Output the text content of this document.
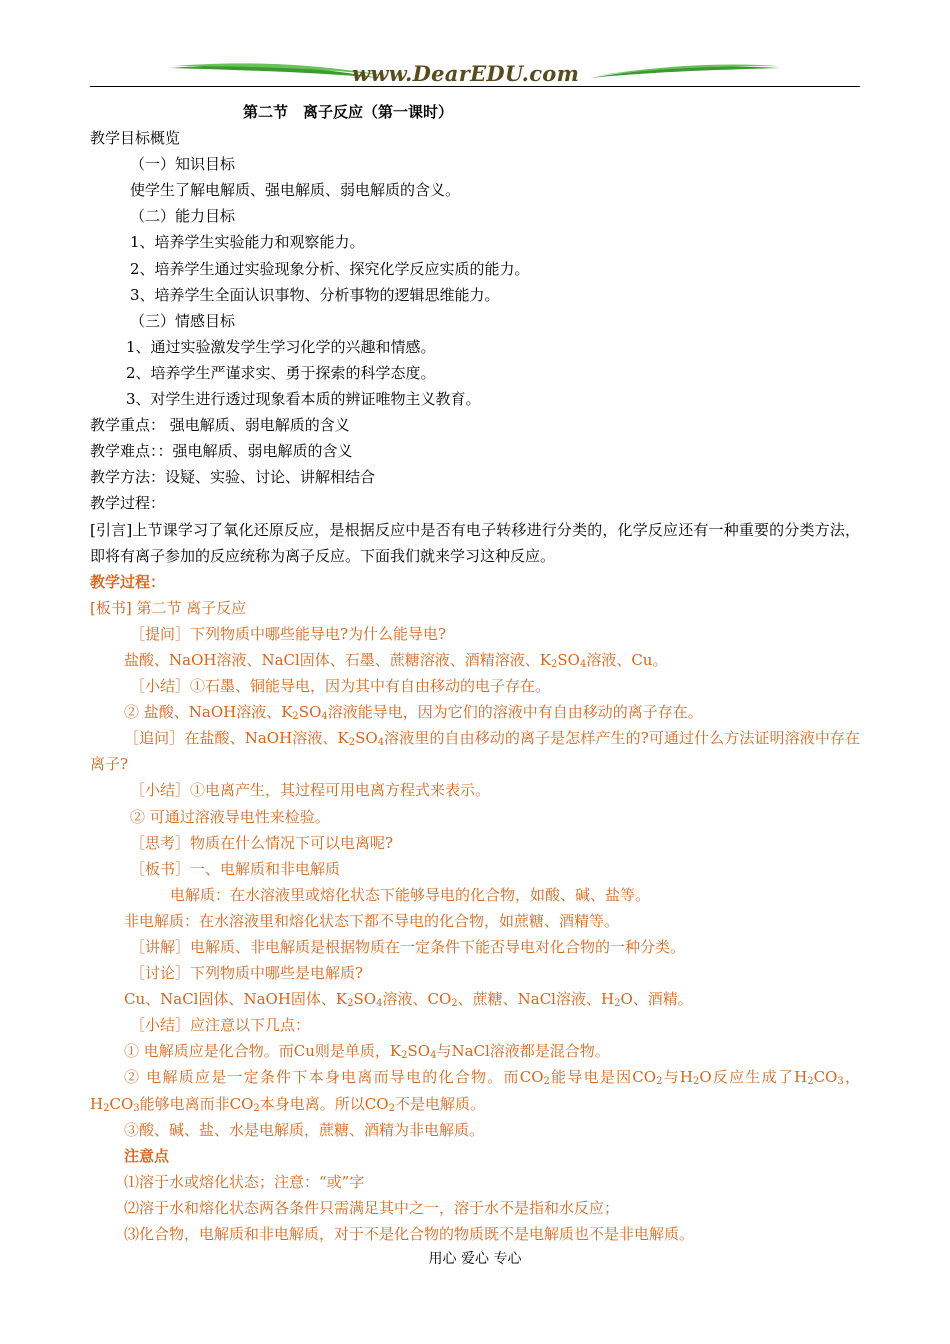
www.DearEDU.com
第二节　离子反应（第一课时）
教学目标概览
（一）知识目标
使学生了解电解质、强电解质、弱电解质的含义。
（二）能力目标
1、培养学生实验能力和观察能力。
2、培养学生通过实验现象分析、探究化学反应实质的能力。
3、培养学生全面认识事物、分析事物的逻辑思维能力。
（三）情感目标
1、通过实验激发学生学习化学的兴趣和情感。
2、培养学生严谨求实、勇于探索的科学态度。
3、对学生进行透过现象看本质的辨证唯物主义教育。
教学重点： 强电解质、弱电解质的含义
教学难点：：强电解质、弱电解质的含义
教学方法：设疑、实验、讨论、讲解相结合
教学过程：
[引言]上节课学习了氧化还原反应，是根据反应中是否有电子转移进行分类的，化学反应还有一种重要的分类方法，即将有离子参加的反应统称为离子反应。下面我们就来学习这种反应。
教学过程：
[板书] 第二节 离子反应
［提问］下列物质中哪些能导电?为什么能导电?
盐酸、NaOH溶液、NaCl固体、石墨、蔗糖溶液、酒精溶液、$K_2SO_4$溶液、Cu。
［小结］①石墨、铜能导电，因为其中有自由移动的电子存在。
② 盐酸、NaOH溶液、$K_2SO_4$溶液能导电，因为它们的溶液中有自由移动的离子存在。
［追问］在盐酸、NaOH溶液、$K_2SO_4$溶液里的自由移动的离子是怎样产生的?可通过什么方法证明溶液中存在离子?
［小结］①电离产生，其过程可用电离方程式来表示。
② 可通过溶液导电性来检验。
［思考］物质在什么情况下可以电离呢?
［板书］一、电解质和非电解质
电解质：在水溶液里或熔化状态下能够导电的化合物，如酸、碱、盐等。
非电解质：在水溶液里和熔化状态下都不导电的化合物，如蔗糖、酒精等。
［讲解］电解质、非电解质是根据物质在一定条件下能否导电对化合物的一种分类。
［讨论］下列物质中哪些是电解质?
Cu、NaCl固体、NaOH固体、$K_2SO_4$溶液、$CO_2$、蔗糖、NaCl溶液、$H_2O$、酒精。
［小结］应注意以下几点：
① 电解质应是化合物。而Cu则是单质，$K_2SO_4$与NaCl溶液都是混合物。
② 电解质应是一定条件下本身电离而导电的化合物。而$CO_2$能导电是因$CO_2$与$H_2O$反应生成了$H_2CO_3$，$H_2CO_3$能够电离而非$CO_2$本身电离。所以$CO_2$不是电解质。
③酸、碱、盐、水是电解质，蔗糖、酒精为非电解质。
注意点
⑴溶于水或熔化状态；注意：“或”字
⑵溶于水和熔化状态两各条件只需满足其中之一，溶于水不是指和水反应；
⑶化合物，电解质和非电解质，对于不是化合物的物质既不是电解质也不是非电解质。
用心 爱心 专心
